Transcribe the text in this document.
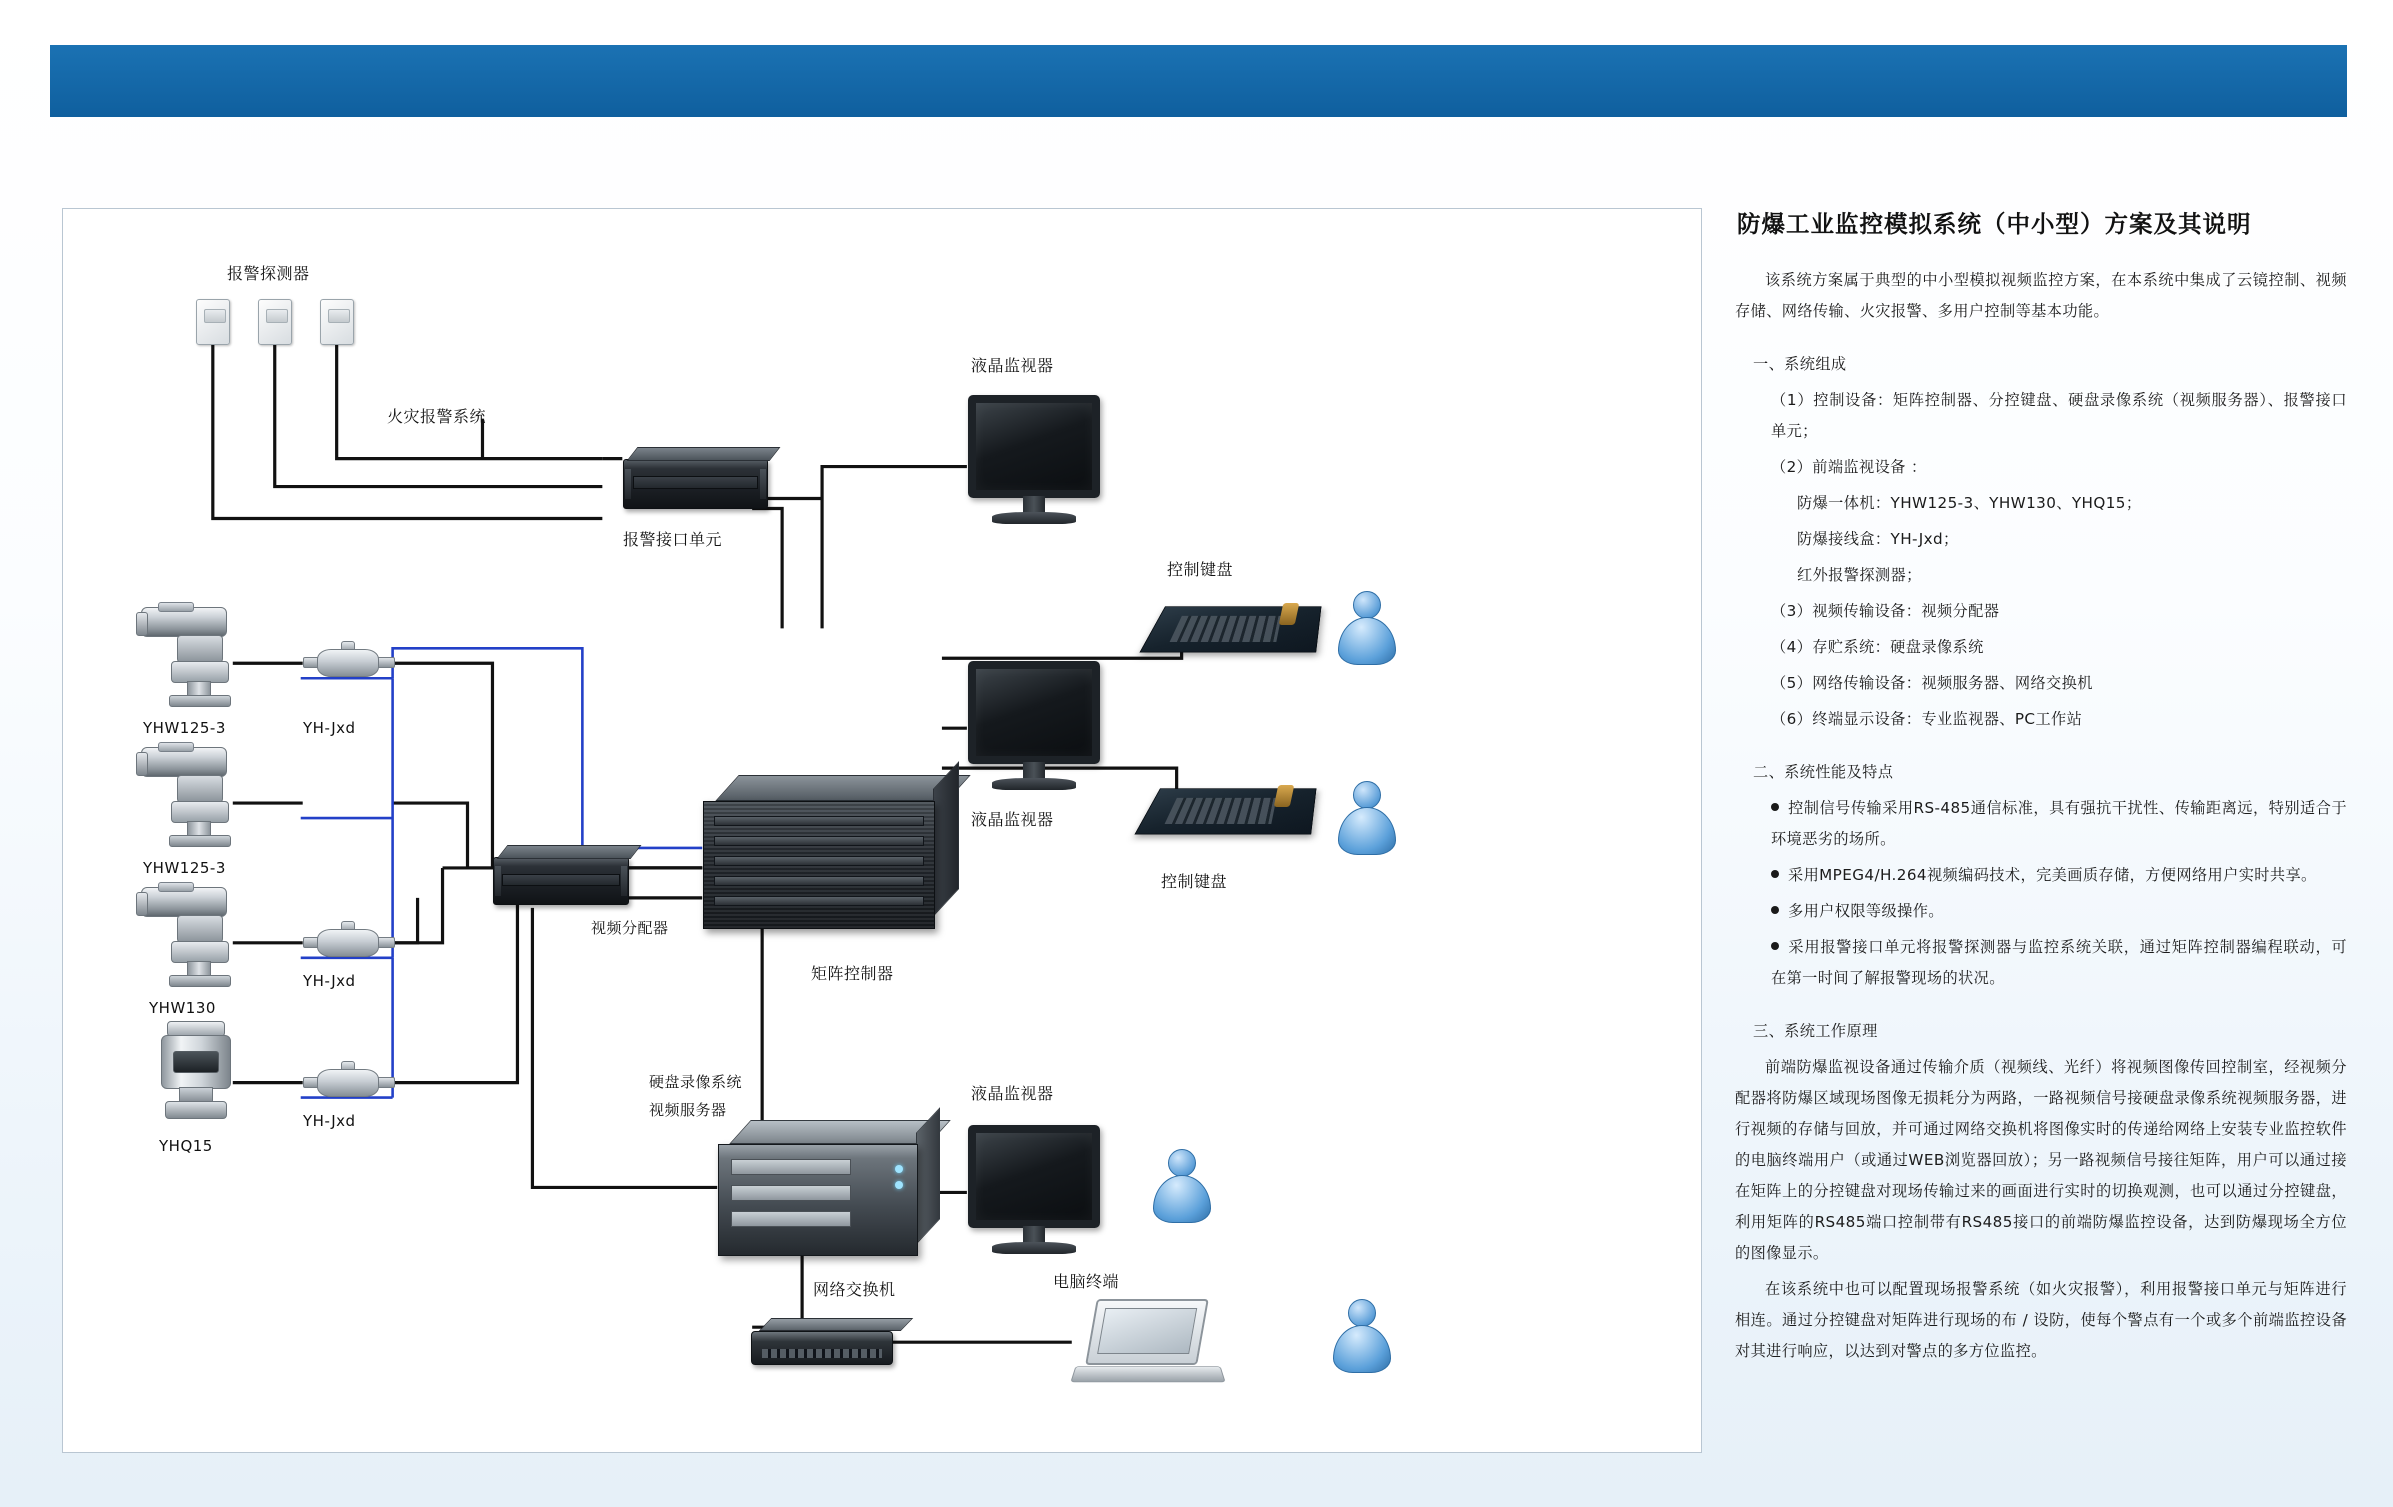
报警探测器
火灾报警系统
报警接口单元
YHW125-3	YH-Jxd
YHW125-3
YHW130
YH-Jxd
YHQ15
YH-Jxd
视频分配器
矩阵控制器
硬盘录像系统
视频服务器
液晶监视器
液晶监视器
液晶监视器
控制键盘
控制键盘
网络交换机	电脑终端
防爆工业监控模拟系统（中小型）方案及其说明

该系统方案属于典型的中小型模拟视频监控方案，在本系统中集成了云镜控制、视频存储、网络传输、火灾报警、多用户控制等基本功能。

一、系统组成

（1）控制设备：矩阵控制器、分控键盘、硬盘录像系统（视频服务器）、报警接口单元；

（2）前端监视设备 ：

防爆一体机：YHW125-3、YHW130、YHQ15；

防爆接线盒：YH-Jxd；

红外报警探测器；

（3）视频传输设备：视频分配器

（4）存贮系统：硬盘录像系统

（5）网络传输设备：视频服务器、网络交换机

（6）终端显示设备：专业监视器、PC工作站

二、系统性能及特点

控制信号传输采用RS-485通信标准，具有强抗干扰性、传输距离远，特别适合于环境恶劣的场所。

采用MPEG4/H.264视频编码技术，完美画质存储，方便网络用户实时共享。

多用户权限等级操作。

采用报警接口单元将报警探测器与监控系统关联，通过矩阵控制器编程联动，可在第一时间了解报警现场的状况。

三、系统工作原理

前端防爆监视设备通过传输介质（视频线、光纤）将视频图像传回控制室，经视频分配器将防爆区域现场图像无损耗分为两路，一路视频信号接硬盘录像系统视频服务器，进行视频的存储与回放，并可通过网络交换机将图像实时的传递给网络上安装专业监控软件的电脑终端用户（或通过WEB浏览器回放）；另一路视频信号接往矩阵，用户可以通过接在矩阵上的分控键盘对现场传输过来的画面进行实时的切换观测，也可以通过分控键盘，利用矩阵的RS485端口控制带有RS485接口的前端防爆监控设备，达到防爆现场全方位的图像显示。

在该系统中也可以配置现场报警系统（如火灾报警），利用报警接口单元与矩阵进行相连。通过分控键盘对矩阵进行现场的布 / 设防，使每个警点有一个或多个前端监控设备对其进行响应，以达到对警点的多方位监控。
